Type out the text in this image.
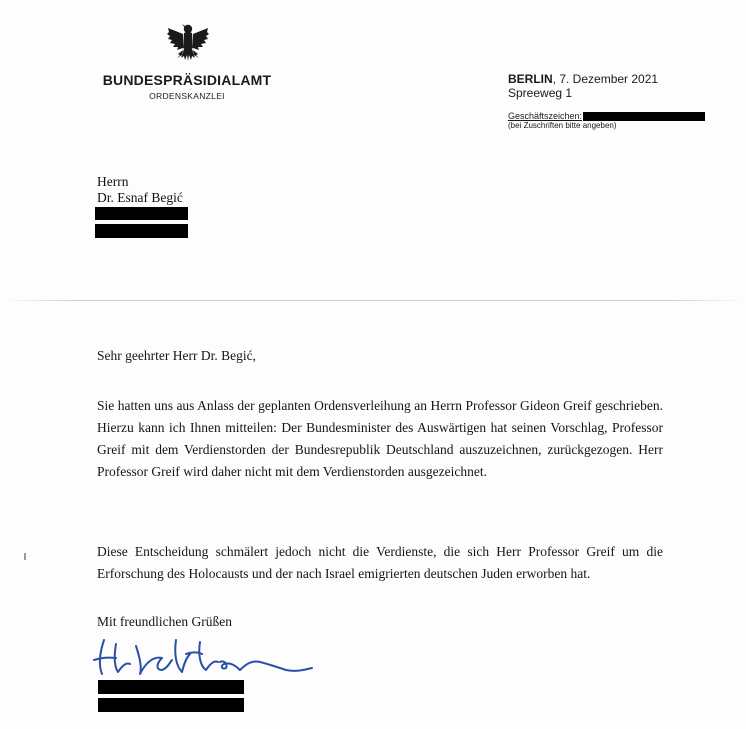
BUNDESPRÄSIDIALAMT
ORDENSKANZLEI
BERLIN, 7. Dezember 2021
Spreeweg 1
Geschäftszeichen:
(bei Zuschriften bitte angeben)
Herrn
Dr. Esnaf Begić
Sehr geehrter Herr Dr. Begić,
Sie hatten uns aus Anlass der geplanten Ordensverleihung an Herrn Professor Gideon Greif geschrieben. Hierzu kann ich Ihnen mitteilen: Der Bundesminister des Auswärtigen hat seinen Vorschlag, Professor Greif mit dem Verdienstorden der Bundesrepublik Deutschland auszuzeichnen, zurückgezogen. Herr Professor Greif wird daher nicht mit dem Verdienstorden ausgezeichnet.
Diese Entscheidung schmälert jedoch nicht die Verdienste, die sich Herr Professor Greif um die Erforschung des Holocausts und der nach Israel emigrierten deutschen Juden erworben hat.
Mit freundlichen Grüßen
